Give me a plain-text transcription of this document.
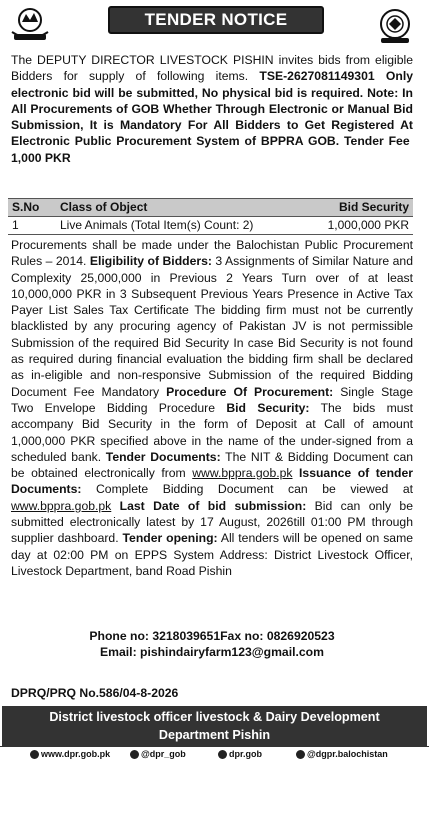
TENDER NOTICE
The DEPUTY DIRECTOR LIVESTOCK PISHIN invites bids from eligible Bidders for supply of following items. TSE-2627081149301 Only electronic bid will be submitted, No physical bid is required. Note: In All Procurements of GOB Whether Through Electronic or Manual Bid Submission, It is Mandatory For All Bidders to Get Registered At Electronic Public Procurement System of BPPRA GOB. Tender Fee  1,000 PKR
S.No Class of Object	Bid Security
1	Live Animals (Total Item(s) Count: 2)	1,000,000 PKR
Procurements shall be made under the Balochistan Public Procurement Rules – 2014. Eligibility of Bidders: 3 Assignments of Similar Nature and Complexity 25,000,000 in Previous 2 Years Turn over of at least 10,000,000 PKR in 3 Subsequent Previous Years Presence in Active Tax Payer List Sales Tax Certificate The bidding firm must not be currently blacklisted by any procuring agency of Pakistan JV is not permissible Submission of the required Bid Security In case Bid Security is not found as required during financial evaluation the bidding firm shall be declared as in-eligible and non-responsive Submission of the required Bidding Document Fee Mandatory Procedure Of Procurement: Single Stage Two Envelope Bidding Procedure Bid Security: The bids must accompany Bid Security in the form of Deposit at Call of amount 1,000,000 PKR specified above in the name of the under-signed from a scheduled bank. Tender Documents: The NIT & Bidding Document can be obtained electronically from www.bppra.gob.pk Issuance of tender Documents: Complete Bidding Document can be viewed at www.bppra.gob.pk Last Date of bid submission: Bid can only be submitted electronically latest by 17 August, 2026till 01:00 PM through supplier dashboard. Tender opening: All tenders will be opened on same day at 02:00 PM on EPPS System Address: District Livestock Officer, Livestock Department, band Road Pishin
Phone no: 3218039651Fax no: 0826920523
Email: pishindairyfarm123@gmail.com
DPRQ/PRQ No.586/04-8-2026
District livestock officer livestock & Dairy Development
Department Pishin
www.dpr.gob.pk	@dpr_gob	dpr.gob	@dgpr.balochistan
